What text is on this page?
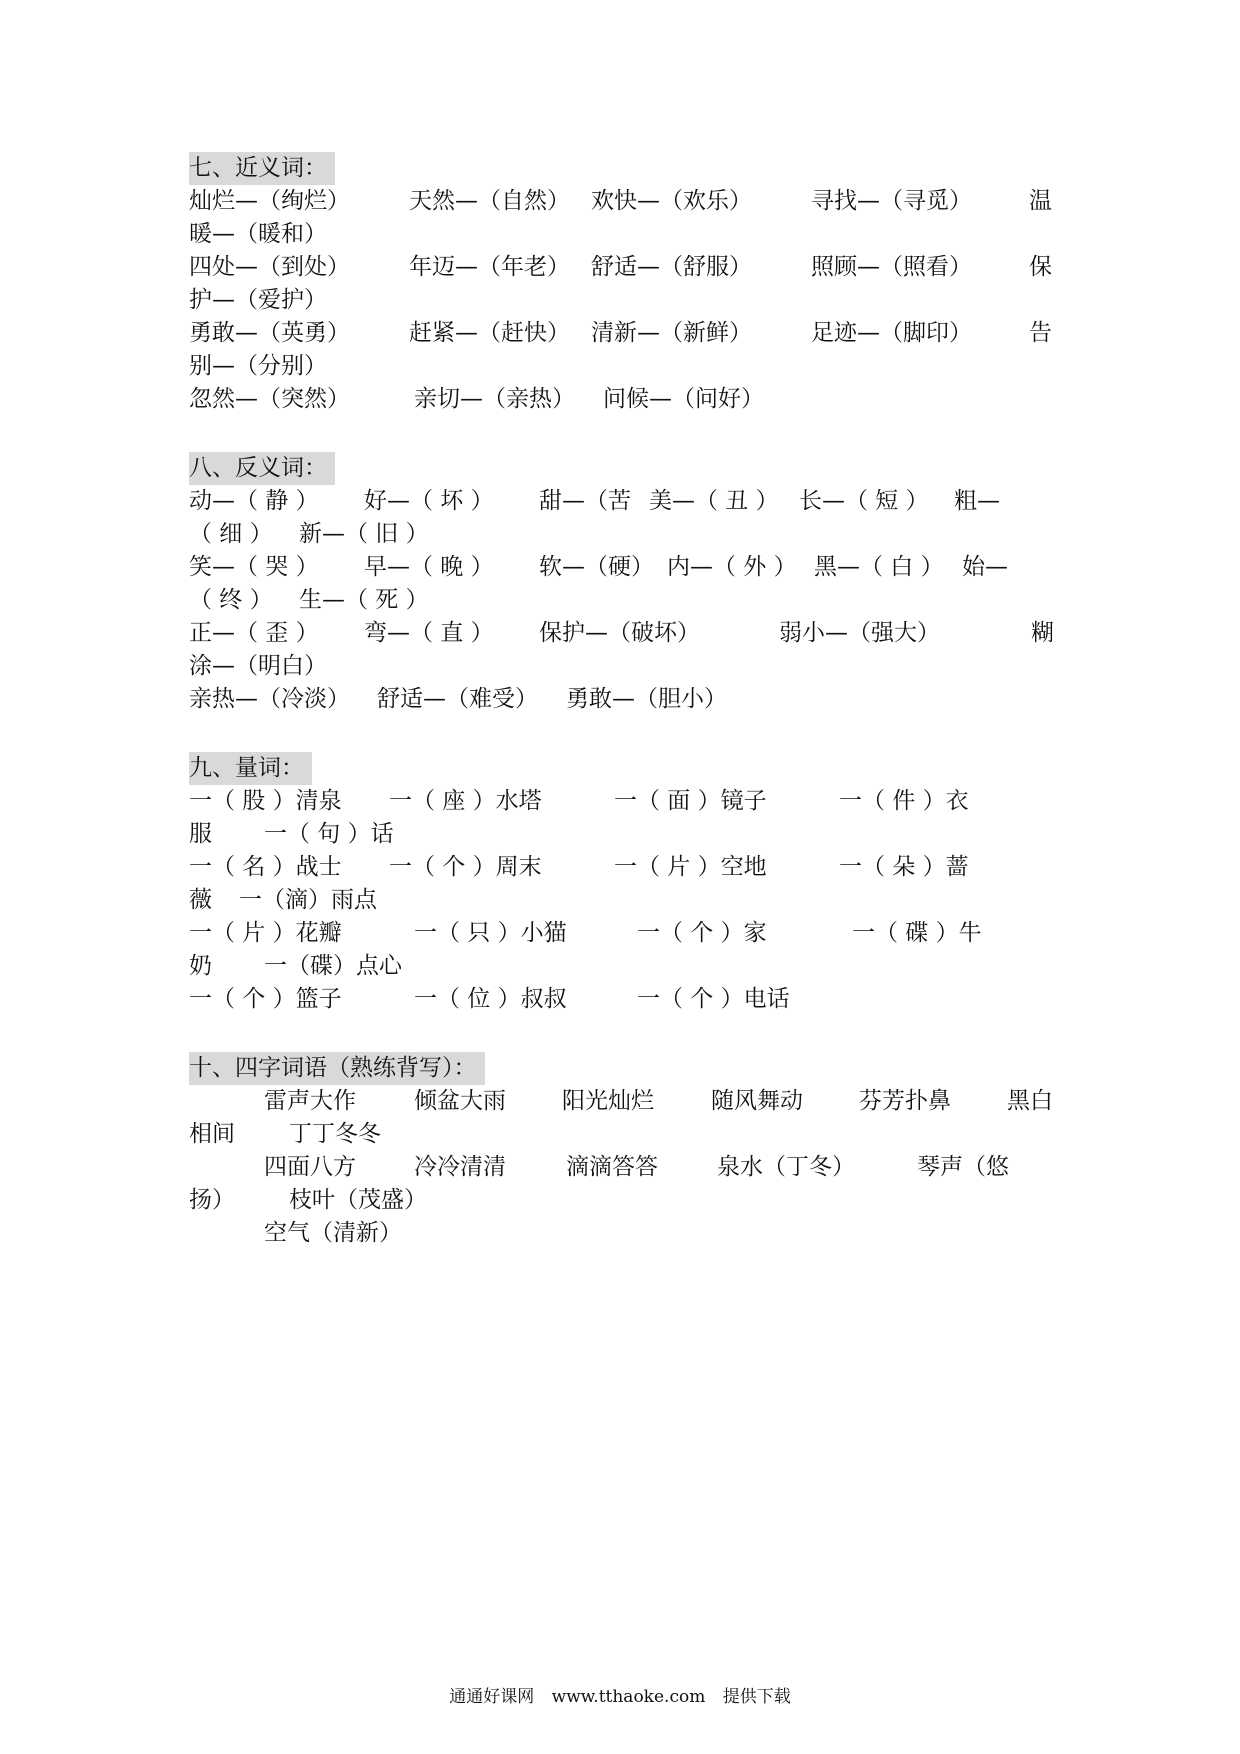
七、近义词：
灿烂—（绚烂）	天然—（自然） 欢快—（欢乐）	寻找—（寻觅） 温
暖—（暖和）
四处—（到处）	年迈—（年老） 舒适—（舒服）	照顾—（照看） 保
护—（爱护）
勇敢—（英勇）	赶紧—（赶快） 清新—（新鲜）	足迹—（脚印） 告
别—（分别）
忽然—（突然）	亲切—（亲热） 问候—（问好）
八、反义词：
动—（ 静 ） 好—（ 坏 ） 甜—（苦 美—（ 丑 ） 长—（ 短 ） 粗—
（ 细 ） 新—（ 旧 ）
笑—（ 哭 ） 早—（ 晚 ） 软—（硬） 内—（ 外 ） 黑—（ 白 ） 始—
（ 终 ） 生—（ 死 ）
正—（ 歪 ） 弯—（ 直 ） 保护—（破坏）	弱小—（强大）	糊
涂—（明白）
亲热—（冷淡） 舒适—（难受） 勇敢—（胆小）
九、量词：
一（ 股 ）清泉 一（ 座 ）水塔	一（ 面 ）镜子	一（ 件 ）衣
服 一（ 句 ）话
一（ 名 ）战士 一（ 个 ）周末	一（ 片 ）空地	一（ 朵 ）蔷
薇 一（滴）雨点
一（ 片 ）花瓣	一（ 只 ）小猫	一（ 个 ）家	一（ 碟 ）牛
奶 一（碟）点心
一（ 个 ）篮子	一（ 位 ）叔叔	一（ 个 ）电话
十、四字词语（熟练背写）：
雷声大作	倾盆大雨 阳光灿烂 随风舞动 芬芳扑鼻 黑白
相间 丁丁冬冬
四面八方	冷冷清清	滴滴答答	泉水（丁冬）	琴声（悠
扬） 枝叶（茂盛）
空气（清新）
通通好课网 www.tthaoke.com 提供下载
